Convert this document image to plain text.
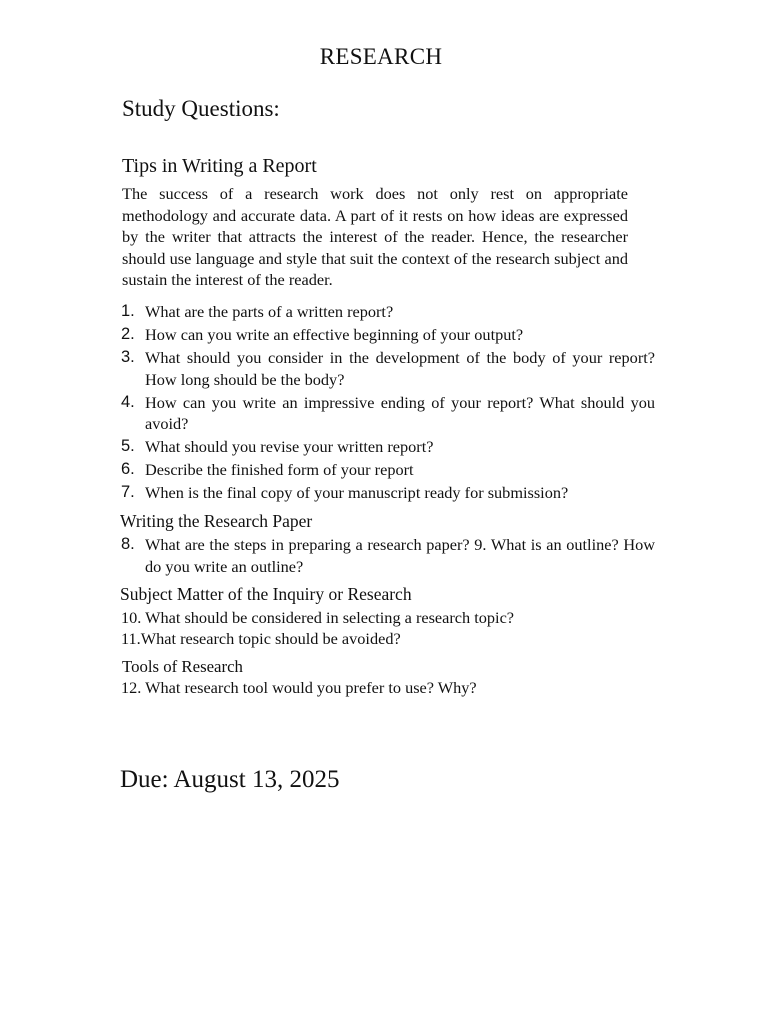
RESEARCH
Study Questions:
Tips in Writing a Report
The success of a research work does not only rest on appropriate methodology and accurate data. A part of it rests on how ideas are expressed by the writer that attracts the interest of the reader. Hence, the researcher should use language and style that suit the context of the research subject and sustain the interest of the reader.
1. What are the parts of a written report?
2. How can you write an effective beginning of your output?
3. What should you consider in the development of the body of your report? How long should be the body?
4. How can you write an impressive ending of your report? What should you avoid?
5. What should you revise your written report?
6. Describe the finished form of your report
7. When is the final copy of your manuscript ready for submission?
Writing the Research Paper
8. What are the steps in preparing a research paper? 9. What is an outline? How do you write an outline?
Subject Matter of the Inquiry or Research
10. What should be considered in selecting a research topic?
11.What research topic should be avoided?
Tools of Research
12. What research tool would you prefer to use? Why?
Due: August 13, 2025
